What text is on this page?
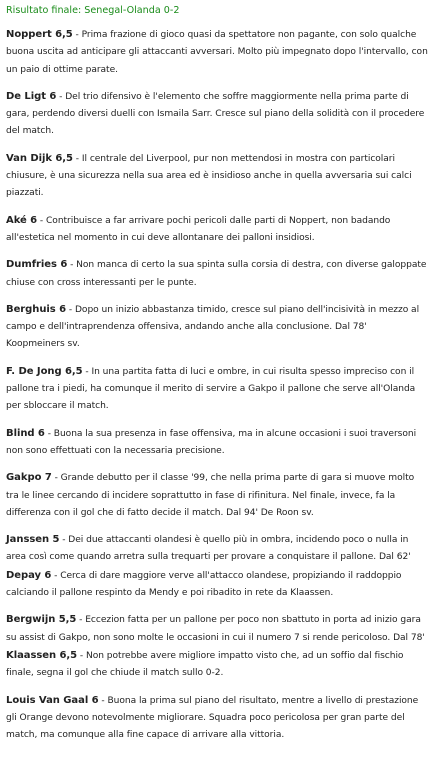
Risultato finale: Senegal-Olanda 0-2

Noppert 6,5 - Prima frazione di gioco quasi da spettatore non pagante, con solo qualche buona uscita ad anticipare gli attaccanti avversari. Molto più impegnato dopo l'intervallo, con un paio di ottime parate.

De Ligt 6 - Del trio difensivo è l'elemento che soffre maggiormente nella prima parte di gara, perdendo diversi duelli con Ismaila Sarr. Cresce sul piano della solidità con il procedere del match.

Van Dijk 6,5 - Il centrale del Liverpool, pur non mettendosi in mostra con particolari chiusure, è una sicurezza nella sua area ed è insidioso anche in quella avversaria sui calci piazzati.

Aké 6 - Contribuisce a far arrivare pochi pericoli dalle parti di Noppert, non badando all'estetica nel momento in cui deve allontanare dei palloni insidiosi.

Dumfries 6 - Non manca di certo la sua spinta sulla corsia di destra, con diverse galoppate chiuse con cross interessanti per le punte.

Berghuis 6 - Dopo un inizio abbastanza timido, cresce sul piano dell'incisività in mezzo al campo e dell'intraprendenza offensiva, andando anche alla conclusione. Dal 78' Koopmeiners sv.

F. De Jong 6,5 - In una partita fatta di luci e ombre, in cui risulta spesso impreciso con il pallone tra i piedi, ha comunque il merito di servire a Gakpo il pallone che serve all'Olanda per sbloccare il match.

Blind 6 - Buona la sua presenza in fase offensiva, ma in alcune occasioni i suoi traversoni non sono effettuati con la necessaria precisione.

Gakpo 7 - Grande debutto per il classe '99, che nella prima parte di gara si muove molto tra le linee cercando di incidere soprattutto in fase di rifinitura. Nel finale, invece, fa la differenza con il gol che di fatto decide il match. Dal 94' De Roon sv.

Janssen 5 - Dei due attaccanti olandesi è quello più in ombra, incidendo poco o nulla in area così come quando arretra sulla trequarti per provare a conquistare il pallone. Dal 62'

Depay 6 - Cerca di dare maggiore verve all'attacco olandese, propiziando il raddoppio calciando il pallone respinto da Mendy e poi ribadito in rete da Klaassen.

Bergwijn 5,5 - Eccezion fatta per un pallone per poco non sbattuto in porta ad inizio gara su assist di Gakpo, non sono molte le occasioni in cui il numero 7 si rende pericoloso. Dal 78' Klaassen 6,5 - Non potrebbe avere migliore impatto visto che, ad un soffio dal fischio finale, segna il gol che chiude il match sullo 0-2.

Louis Van Gaal 6 - Buona la prima sul piano del risultato, mentre a livello di prestazione gli Orange devono notevolmente migliorare. Squadra poco pericolosa per gran parte del match, ma comunque alla fine capace di arrivare alla vittoria.
